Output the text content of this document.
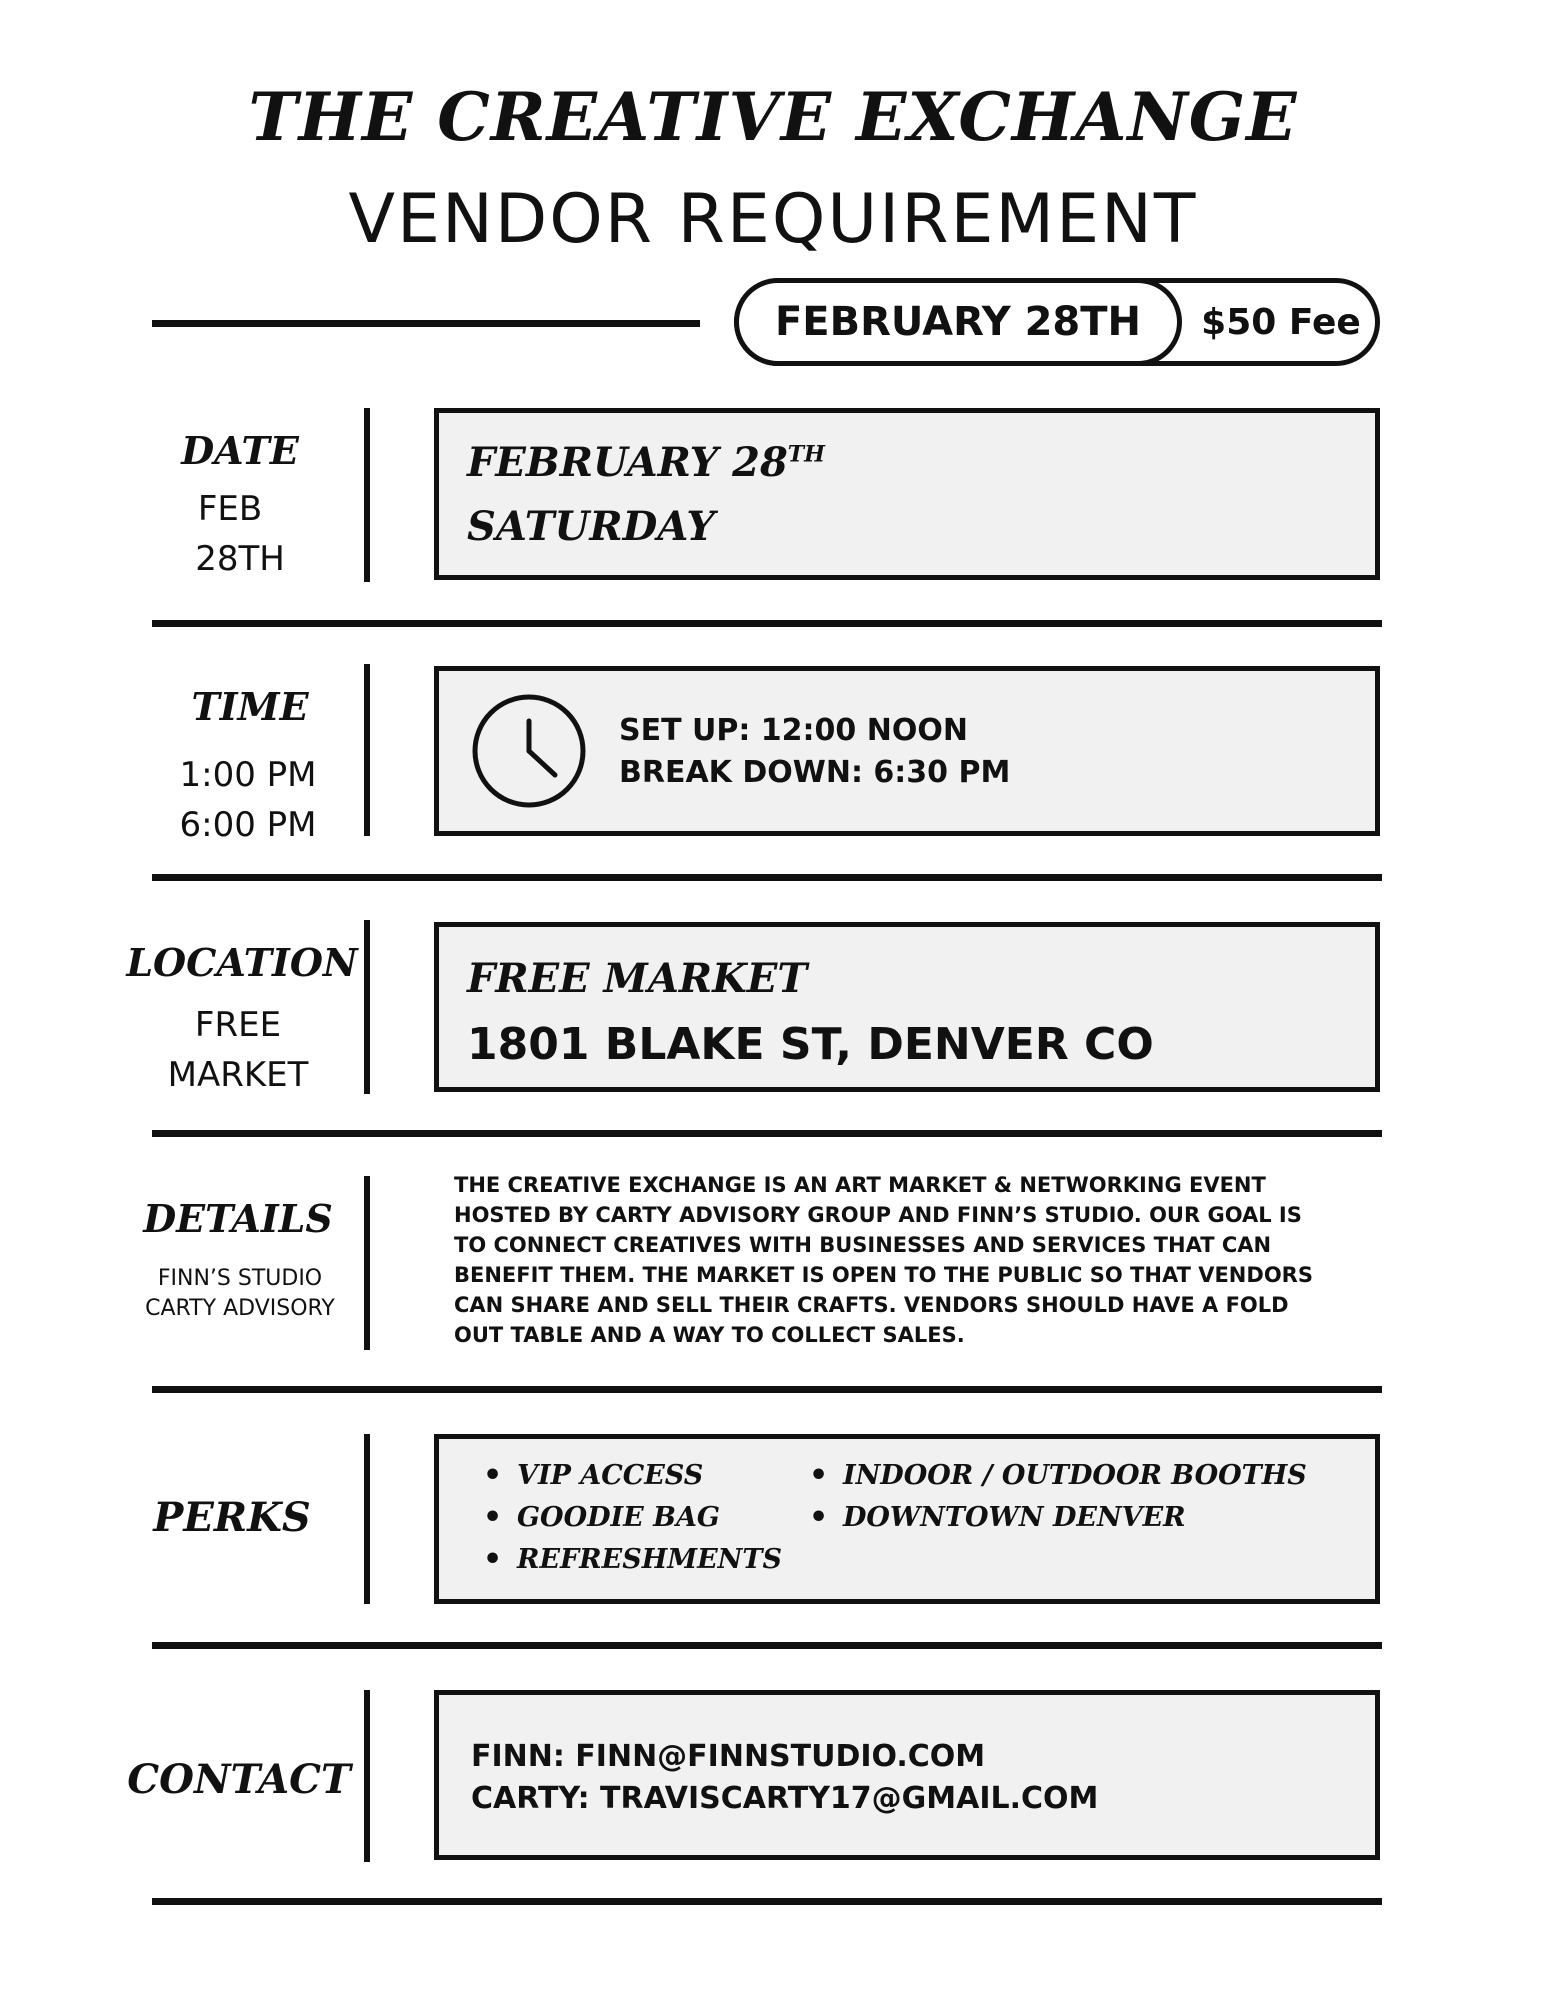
THE CREATIVE EXCHANGE
VENDOR REQUIREMENT
FEBRUARY 28TH	$50 Fee
DATE
FEB
28TH
FEBRUARY 28TH
SATURDAY
TIME
1:00 PM
6:00 PM
SET UP: 12:00 NOON
BREAK DOWN: 6:30 PM
LOCATION
FREE
MARKET
FREE MARKET
1801 BLAKE ST, DENVER CO
DETAILS
FINN’S STUDIO
CARTY ADVISORY
THE CREATIVE EXCHANGE IS AN ART MARKET & NETWORKING EVENT
HOSTED BY CARTY ADVISORY GROUP AND FINN’S STUDIO. OUR GOAL IS
TO CONNECT CREATIVES WITH BUSINESSES AND SERVICES THAT CAN
BENEFIT THEM. THE MARKET IS OPEN TO THE PUBLIC SO THAT VENDORS
CAN SHARE AND SELL THEIR CRAFTS. VENDORS SHOULD HAVE A FOLD
OUT TABLE AND A WAY TO COLLECT SALES.
PERKS
• VIP ACCESS
• GOODIE BAG
• REFRESHMENTS
• INDOOR / OUTDOOR BOOTHS
• DOWNTOWN DENVER
CONTACT	FINN: FINN@FINNSTUDIO.COM
CARTY: TRAVISCARTY17@GMAIL.COM
